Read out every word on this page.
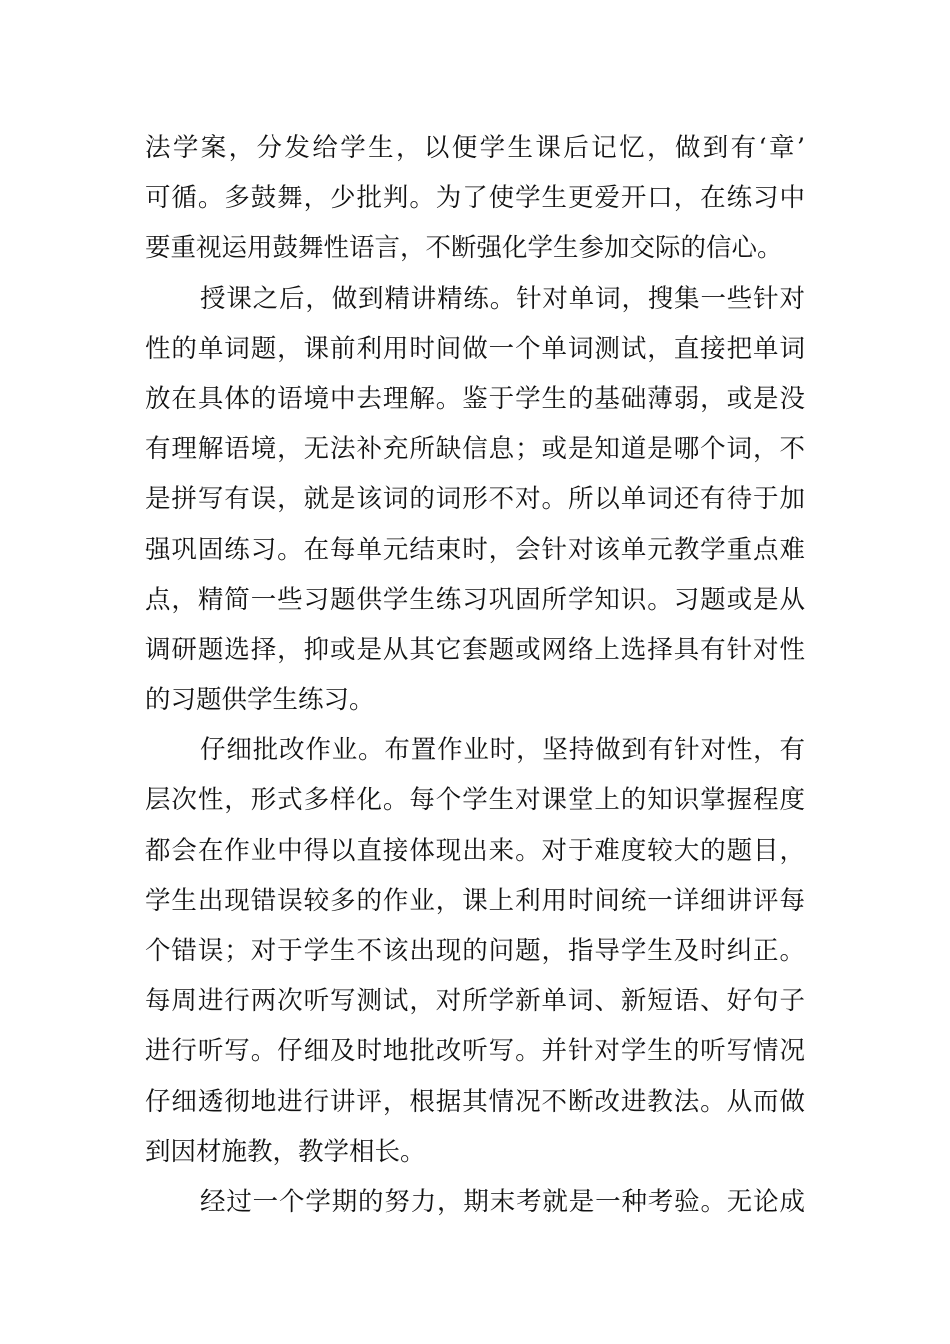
法学案，分发给学生，以便学生课后记忆，做到有‘章’
可循。多鼓舞，少批判。为了使学生更爱开口，在练习中
要重视运用鼓舞性语言，不断强化学生参加交际的信心。
授课之后，做到精讲精练。针对单词，搜集一些针对
性的单词题，课前利用时间做一个单词测试，直接把单词
放在具体的语境中去理解。鉴于学生的基础薄弱，或是没
有理解语境，无法补充所缺信息；或是知道是哪个词，不
是拼写有误，就是该词的词形不对。所以单词还有待于加
强巩固练习。在每单元结束时，会针对该单元教学重点难
点，精简一些习题供学生练习巩固所学知识。习题或是从
调研题选择，抑或是从其它套题或网络上选择具有针对性
的习题供学生练习。
仔细批改作业。布置作业时，坚持做到有针对性，有
层次性，形式多样化。每个学生对课堂上的知识掌握程度
都会在作业中得以直接体现出来。对于难度较大的题目，
学生出现错误较多的作业，课上利用时间统一详细讲评每
个错误；对于学生不该出现的问题，指导学生及时纠正。
每周进行两次听写测试，对所学新单词、新短语、好句子
进行听写。仔细及时地批改听写。并针对学生的听写情况
仔细透彻地进行讲评，根据其情况不断改进教法。从而做
到因材施教，教学相长。
经过一个学期的努力，期末考就是一种考验。无论成
